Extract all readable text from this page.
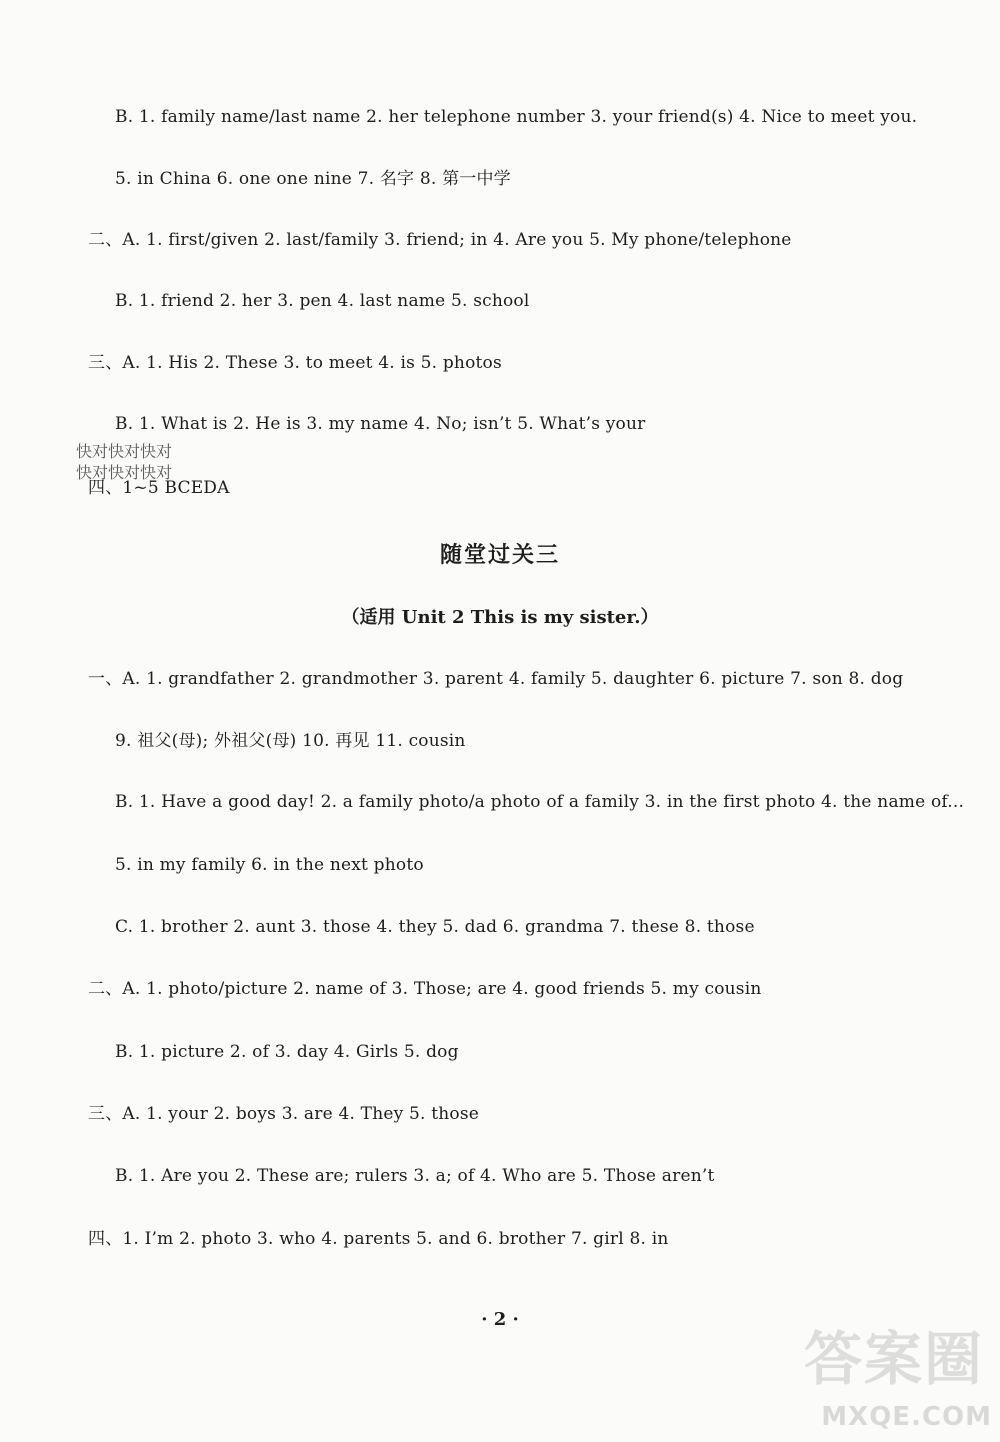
B. 1. family name/last name 2. her telephone number 3. your friend(s) 4. Nice to meet you.
5. in China 6. one one nine 7. 名字 8. 第一中学
二、A. 1. first/given 2. last/family 3. friend; in 4. Are you 5. My phone/telephone
B. 1. friend 2. her 3. pen 4. last name 5. school
三、A. 1. His 2. These 3. to meet 4. is 5. photos
B. 1. What is 2. He is 3. my name 4. No; isn’t 5. What’s your
快对快对快对
快对快对快对
四、1~5 BCEDA
随堂过关三
（适用 Unit 2 This is my sister.）
一、A. 1. grandfather 2. grandmother 3. parent 4. family 5. daughter 6. picture 7. son 8. dog
9. 祖父(母); 外祖父(母) 10. 再见 11. cousin
B. 1. Have a good day! 2. a family photo/a photo of a family 3. in the first photo 4. the name of...
5. in my family 6. in the next photo
C. 1. brother 2. aunt 3. those 4. they 5. dad 6. grandma 7. these 8. those
二、A. 1. photo/picture 2. name of 3. Those; are 4. good friends 5. my cousin
B. 1. picture 2. of 3. day 4. Girls 5. dog
三、A. 1. your 2. boys 3. are 4. They 5. those
B. 1. Are you 2. These are; rulers 3. a; of 4. Who are 5. Those aren’t
四、1. I’m 2. photo 3. who 4. parents 5. and 6. brother 7. girl 8. in
· 2 ·
答案圈
MXQE.COM
